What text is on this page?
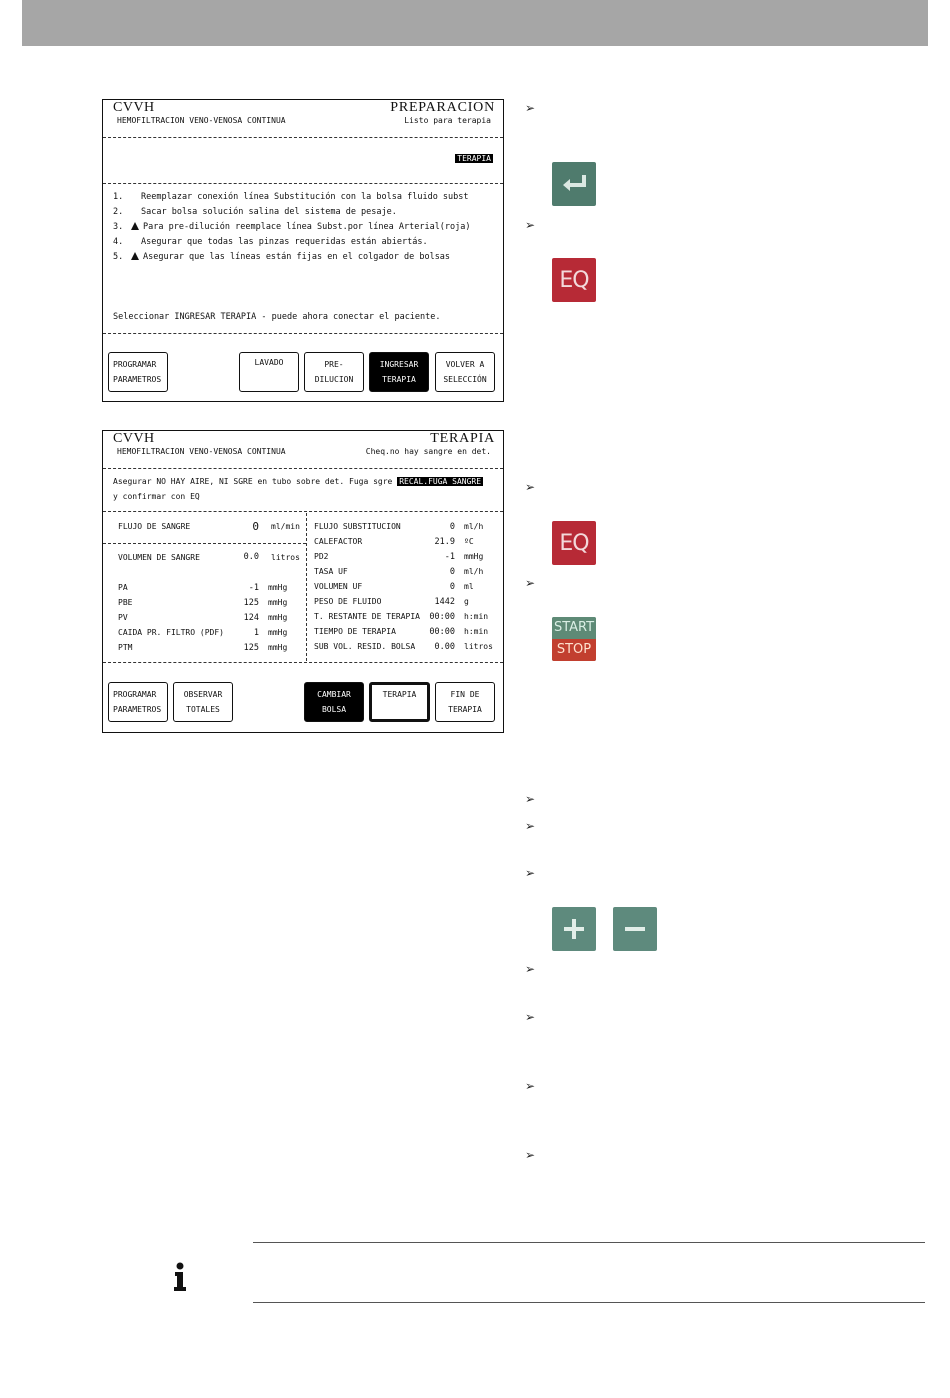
CVVH
HEMOFILTRACION VENO-VENOSA CONTINUA
PREPARACION
Listo para terapia
TERAPIA
1. Reemplazar conexión línea Substitución con la bolsa fluido subst
2. Sacar bolsa solución salina del sistema de pesaje.
3. Para pre-dilución reemplace línea Subst.por línea Arterial(roja)
4. Asegurar que todas las pinzas requeridas están abiertás.
5. Asegurar que las líneas están fijas en el colgador de bolsas
Seleccionar INGRESAR TERAPIA - puede ahora conectar el paciente.
PROGRAMAR
PARAMETROS
LAVADO	PRE-
DILUCION
INGRESAR
TERAPIA
VOLVER A
SELECCIÓN
CVVH
HEMOFILTRACION VENO-VENOSA CONTINUA
TERAPIA
Cheq.no hay sangre en det.
Asegurar NO HAY AIRE, NI SGRE en tubo sobre det. Fuga sgre RECAL.FUGA SANGRE
y confirmar con EQ
FLUJO DE SANGRE	0 ml/min
VOLUMEN DE SANGRE	0.0 litros
PA	-1 mmHg
PBE	125 mmHg
PV	124 mmHg
CAIDA PR. FILTRO (PDF)	1 mmHg
PTM	125 mmHg
FLUJO SUBSTITUCION	0 ml/h
CALEFACTOR	21.9 ºC
PD2	-1 mmHg
TASA UF	0 ml/h
VOLUMEN UF	0 ml
PESO DE FLUIDO	1442 g
T. RESTANTE DE TERAPIA	00:00 h:min
TIEMPO DE TERAPIA	00:00 h:min
SUB VOL. RESID. BOLSA	0.00 litros
PROGRAMAR
PARAMETROS
OBSERVAR
TOTALES
CAMBIAR
BOLSA
TERAPIA	FIN DE
TERAPIA
➢
➢
EQ
➢
EQ
➢
START
STOP
➢
➢
➢
➢
➢
➢
➢
